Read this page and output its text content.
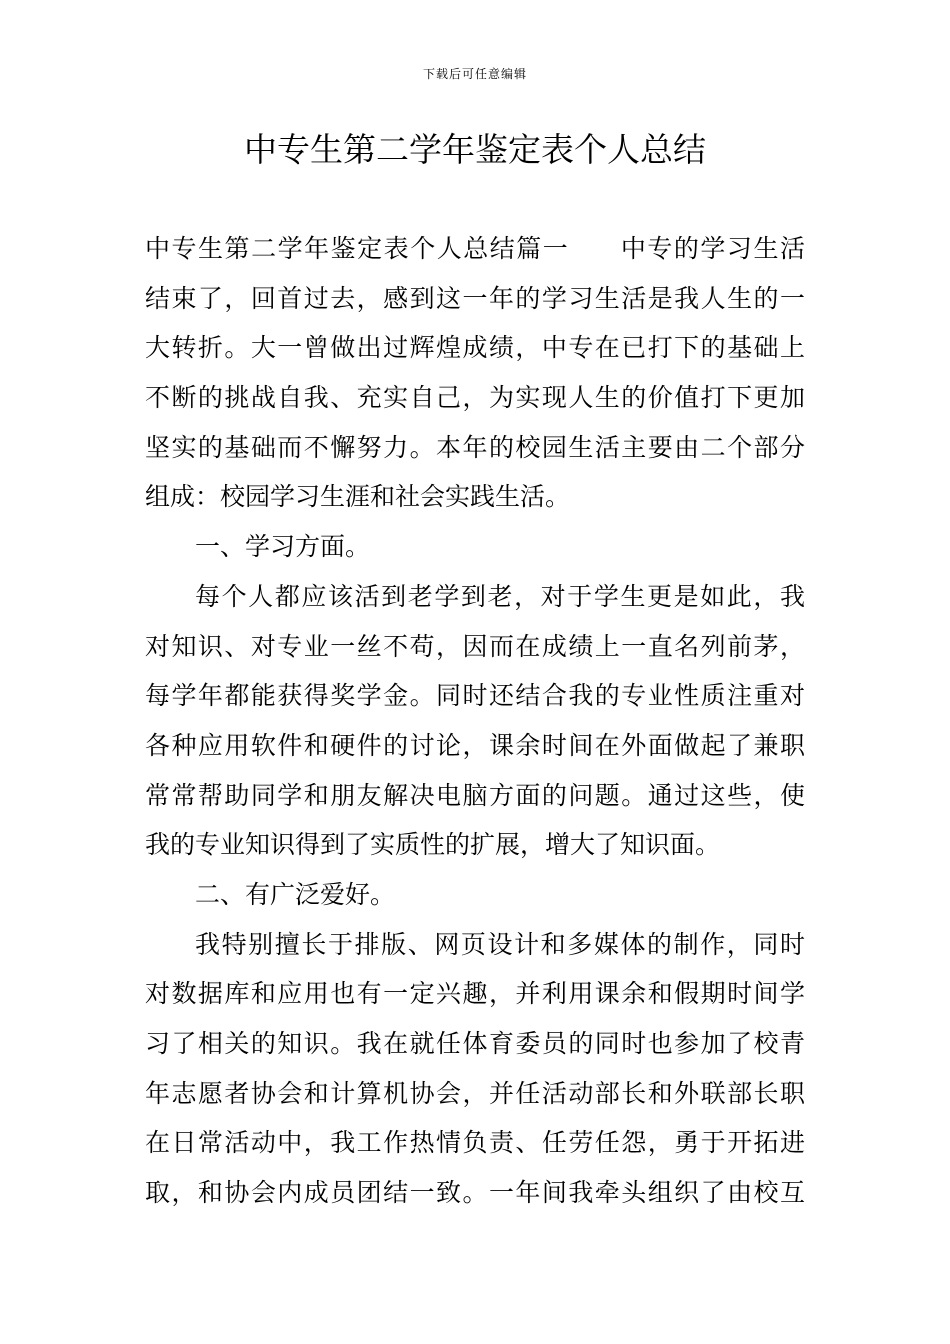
下载后可任意编辑
中专生第二学年鉴定表个人总结
中专生第二学年鉴定表个人总结篇一 中专的学习生活
结束了，回首过去，感到这一年的学习生活是我人生的一
大转折。大一曾做出过辉煌成绩，中专在已打下的基础上
不断的挑战自我、充实自己，为实现人生的价值打下更加
坚实的基础而不懈努力。本年的校园生活主要由二个部分
组成：校园学习生涯和社会实践生活。
一、学习方面。
每个人都应该活到老学到老，对于学生更是如此，我
对知识、对专业一丝不苟，因而在成绩上一直名列前茅，
每学年都能获得奖学金。同时还结合我的专业性质注重对
各种应用软件和硬件的讨论，课余时间在外面做起了兼职
常常帮助同学和朋友解决电脑方面的问题。通过这些，使
我的专业知识得到了实质性的扩展，增大了知识面。
二、有广泛爱好。
我特别擅长于排版、网页设计和多媒体的制作，同时
对数据库和应用也有一定兴趣，并利用课余和假期时间学
习了相关的知识。我在就任体育委员的同时也参加了校青
年志愿者协会和计算机协会，并任活动部长和外联部长职
在日常活动中，我工作热情负责、任劳任怨，勇于开拓进
取，和协会内成员团结一致。一年间我牵头组织了由校互
